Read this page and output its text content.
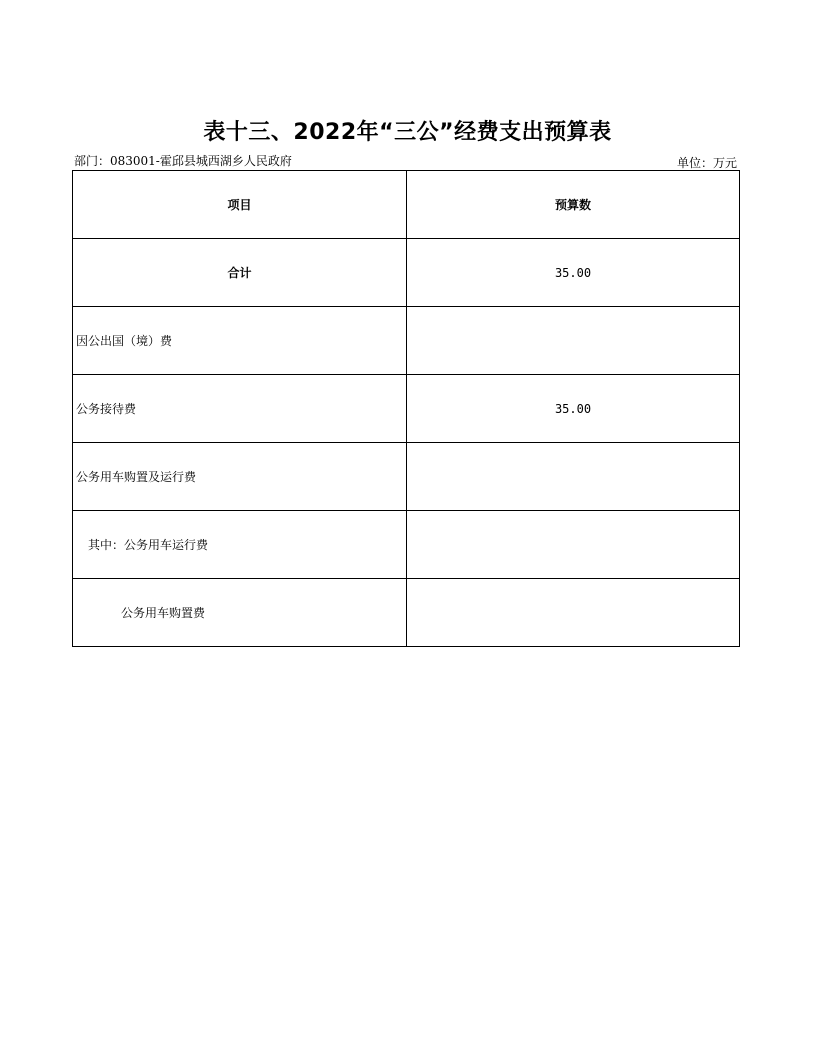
表十三、2022年“三公”经费支出预算表
部门：083001-霍邱县城西湖乡人民政府	单位：万元
项目	预算数
合计	35.00
因公出国（境）费	
公务接待费	35.00
公务用车购置及运行费	
其中：公务用车运行费	
公务用车购置费	
